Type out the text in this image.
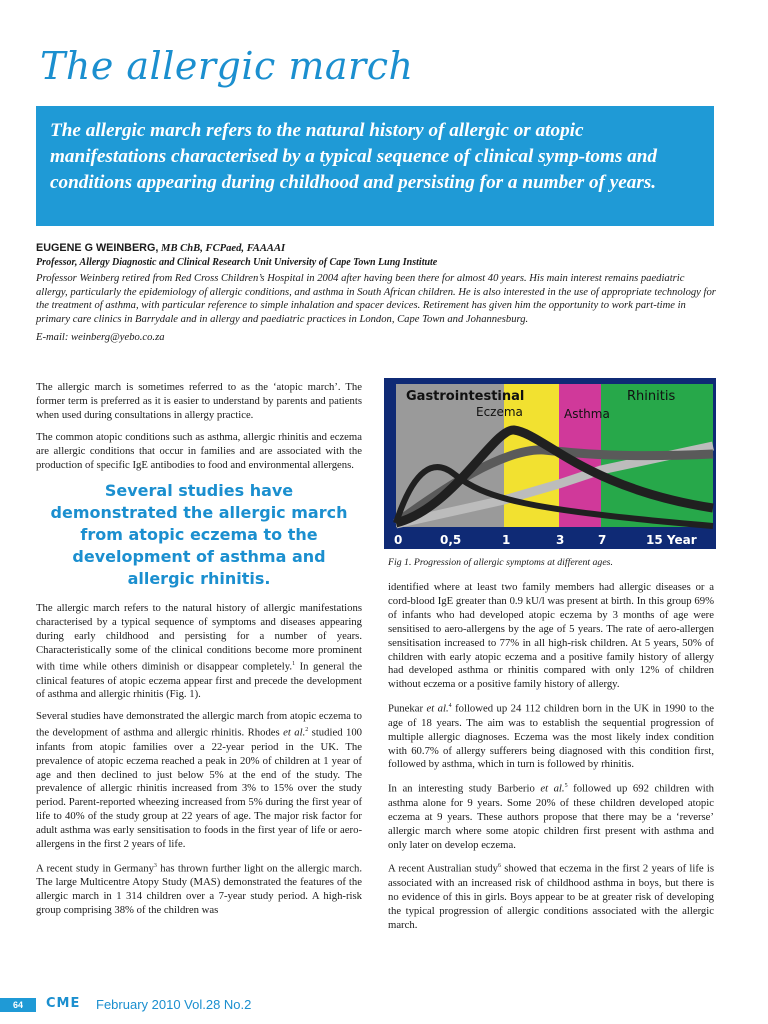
The allergic march

The allergic march refers to the natural history of allergic or atopic manifestations characterised by a typical sequence of clinical symp-toms and conditions appearing during childhood and persisting for a number of years.

EUGENE G WEINBERG, MB ChB, FCPaed, FAAAAI
Professor, Allergy Diagnostic and Clinical Research Unit University of Cape Town Lung Institute
Professor Weinberg retired from Red Cross Children’s Hospital in 2004 after having been there for almost 40 years. His main interest remains paediatric allergy, particularly the epidemiology of allergic conditions, and asthma in South African children. He is also interested in the use of appropriate technology for the treatment of asthma, with particular reference to simple inhalation and spacer devices. Retirement has given him the opportunity to work part-time in primary care clinics in Barrydale and in allergy and paediatric practices in London, Cape Town and Johannesburg.
E-mail: weinberg@yebo.co.za

The allergic march is sometimes referred to as the ‘atopic march’. The former term is preferred as it is easier to understand by parents and patients when used during consultations in allergy practice.

The common atopic conditions such as asthma, allergic rhinitis and eczema are allergic conditions that occur in families and are associated with the production of specific IgE antibodies to food and environmental allergens.

Several studies have demonstrated the allergic march from atopic eczema to the development of asthma and allergic rhinitis.

The allergic march refers to the natural history of allergic manifestations characterised by a typical sequence of symptoms and diseases appearing during early childhood and persisting for a number of years. Characteristically some of the clinical conditions become more prominent with time while others diminish or disappear completely.$^1$ In general the clinical features of atopic eczema appear first and precede the development of asthma and allergic rhinitis (Fig. 1).

Several studies have demonstrated the allergic march from atopic eczema to the development of asthma and allergic rhinitis. Rhodes et al.$^2$ studied 100 infants from atopic families over a 22-year period in the UK. The prevalence of atopic eczema reached a peak in 20% of children at 1 year of age and then declined to just below 5% at the end of the study. The prevalence of allergic rhinitis increased from 3% to 15% over the study period. Parent-reported wheezing increased from 5% during the first year of life to 40% of the study group at 22 years of age. The major risk factor for adult asthma was early sensitisation to foods in the first year of life or aero-allergens in the first 2 years of life.

A recent study in Germany$^3$ has thrown further light on the allergic march. The large Multicentre Atopy Study (MAS) demonstrated the features of the allergic march in 1 314 children over a 7-year study period. A high-risk group comprising 38% of the children was

Gastrointestinal
Eczema	Asthma
Rhinitis
0	0,5	1	3	7	15 Year
Fig 1. Progression of allergic symptoms at different ages.

identified where at least two family members had allergic diseases or a cord-blood IgE greater than 0.9 kU/l was present at birth. In this group 69% of infants who had developed atopic eczema by 3 months of age were sensitised to aero-allergens by the age of 5 years. The rate of aero-allergen sensitisation increased to 77% in all high-risk children. At 5 years, 50% of children with early atopic eczema and a positive family history of allergy had developed asthma or rhinitis compared with only 12% of children without eczema or a positive family history of allergy.

Punekar et al.$^4$ followed up 24 112 children born in the UK in 1990 to the age of 18 years. The aim was to establish the sequential progression of multiple allergic diagnoses. Eczema was the most likely index condition with 60.7% of allergy sufferers being diagnosed with this condition first, followed by asthma, which in turn is followed by rhinitis.

In an interesting study Barberio et al.$^5$ followed up 692 children with asthma alone for 9 years. Some 20% of these children developed atopic eczema at 9 years. These authors propose that there may be a ‘reverse’ allergic march where some atopic children first present with asthma and only later on develop eczema.

A recent Australian study$^6$ showed that eczema in the first 2 years of life is associated with an increased risk of childhood asthma in boys, but there is no evidence of this in girls. Boys appear to be at greater risk of developing the typical progression of allergic conditions associated with the allergic march.

64	CME February 2010 Vol.28 No.2
